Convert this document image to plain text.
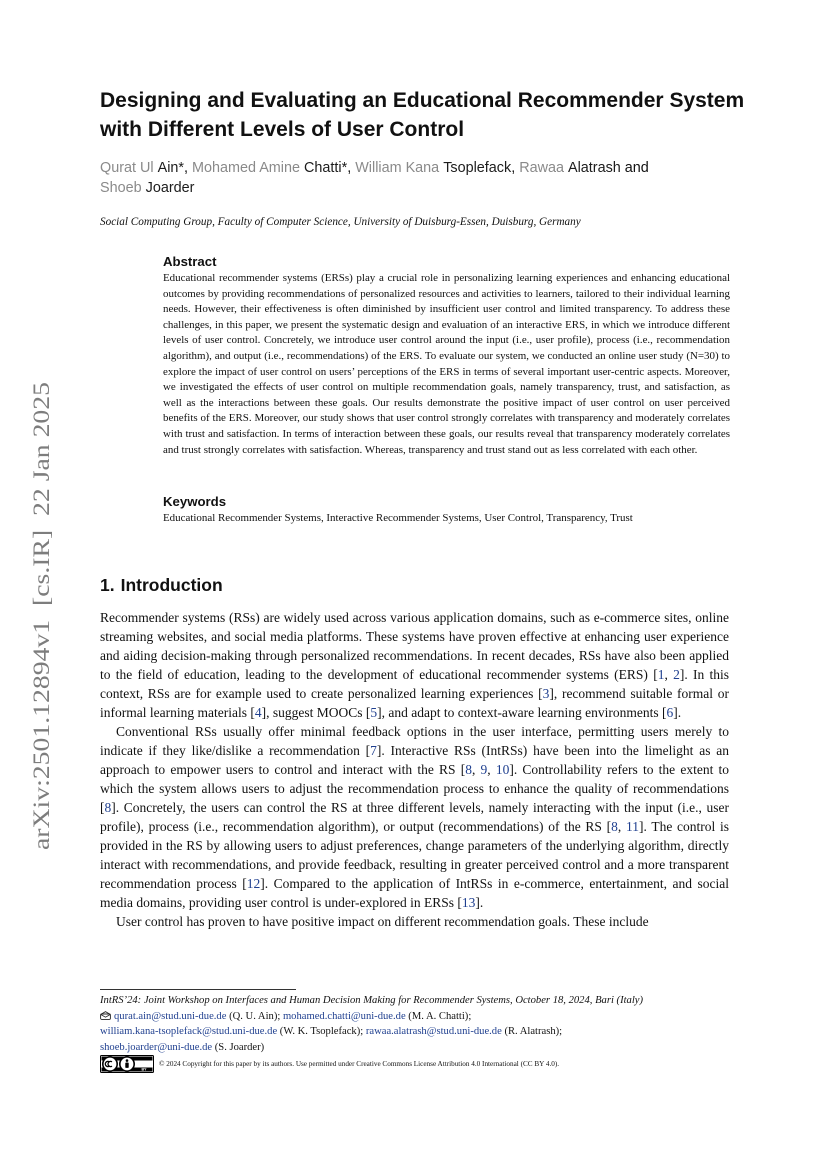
arXiv:2501.12894v1  [cs.IR]  22 Jan 2025
Designing and Evaluating an Educational Recommender System with Different Levels of User Control

Qurat Ul Ain*, Mohamed Amine Chatti*, William Kana Tsoplefack, Rawaa Alatrash and Shoeb Joarder

Social Computing Group, Faculty of Computer Science, University of Duisburg-Essen, Duisburg, Germany

Abstract

Educational recommender systems (ERSs) play a crucial role in personalizing learning experiences and enhancing educational outcomes by providing recommendations of personalized resources and activities to learners, tailored to their individual learning needs. However, their effectiveness is often diminished by insufficient user control and limited transparency. To address these challenges, in this paper, we present the systematic design and evaluation of an interactive ERS, in which we introduce different levels of user control. Concretely, we introduce user control around the input (i.e., user profile), process (i.e., recommendation algorithm), and output (i.e., recommendations) of the ERS. To evaluate our system, we conducted an online user study (N=30) to explore the impact of user control on users’ perceptions of the ERS in terms of several important user-centric aspects. Moreover, we investigated the effects of user control on multiple recommendation goals, namely transparency, trust, and satisfaction, as well as the interactions between these goals. Our results demonstrate the positive impact of user control on user perceived benefits of the ERS. Moreover, our study shows that user control strongly correlates with transparency and moderately correlates with trust and satisfaction. In terms of interaction between these goals, our results reveal that transparency moderately correlates and trust strongly correlates with satisfaction. Whereas, transparency and trust stand out as less correlated with each other.

Keywords

Educational Recommender Systems, Interactive Recommender Systems, User Control, Transparency, Trust

1. Introduction

Recommender systems (RSs) are widely used across various application domains, such as e-commerce sites, online streaming websites, and social media platforms. These systems have proven effective at enhancing user experience and aiding decision-making through personalized recommendations. In recent decades, RSs have also been applied to the field of education, leading to the development of educational recommender systems (ERS) [1, 2]. In this context, RSs are for example used to create personalized learning experiences [3], recommend suitable formal or informal learning materials [4], suggest MOOCs [5], and adapt to context-aware learning environments [6].

Conventional RSs usually offer minimal feedback options in the user interface, permitting users merely to indicate if they like/dislike a recommendation [7]. Interactive RSs (IntRSs) have been into the limelight as an approach to empower users to control and interact with the RS [8, 9, 10]. Controllability refers to the extent to which the system allows users to adjust the recommendation process to enhance the quality of recommendations [8]. Concretely, the users can control the RS at three different levels, namely interacting with the input (i.e., user profile), process (i.e., recommendation algorithm), or output (recommendations) of the RS [8, 11]. The control is provided in the RS by allowing users to adjust preferences, change parameters of the underlying algorithm, directly interact with recommendations, and provide feedback, resulting in greater perceived control and a more transparent recommendation process [12]. Compared to the application of IntRSs in e-commerce, entertainment, and social media domains, providing user control is under-explored in ERSs [13].

User control has proven to have positive impact on different recommendation goals. These include

IntRS’24: Joint Workshop on Interfaces and Human Decision Making for Recommender Systems, October 18, 2024, Bari (Italy)

qurat.ain@stud.uni-due.de (Q. U. Ain); mohamed.chatti@uni-due.de (M. A. Chatti);

william.kana-tsoplefack@stud.uni-due.de (W. K. Tsoplefack); rawaa.alatrash@stud.uni-due.de (R. Alatrash);

shoeb.joarder@uni-due.de (S. Joarder)

BY
© 2024 Copyright for this paper by its authors. Use permitted under Creative Commons License Attribution 4.0 International (CC BY 4.0).
